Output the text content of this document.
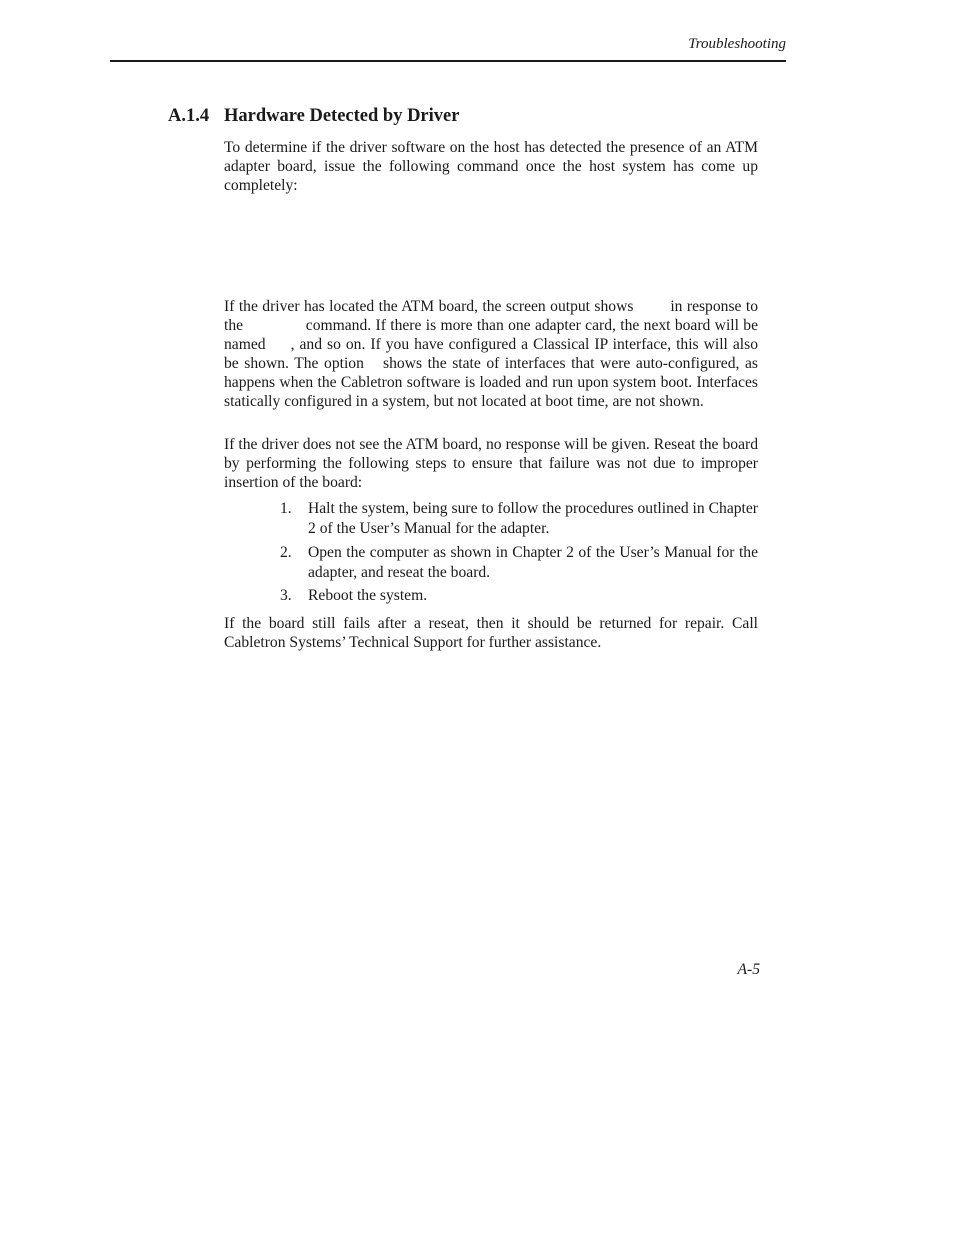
Troubleshooting
A.1.4 Hardware Detected by Driver

To determine if the driver software on the host has detected the presence of an ATM adapter board, issue the following command once the host system has come up completely:

If the driver has located the ATM board, the screen output shows in response to the	command. If there is more than one adapter card, the next board will be named , and so on. If you have configured a Classical IP interface, this will also be shown. The option shows the state of interfaces that were auto-configured, as happens when the Cabletron software is loaded and run upon system boot. Interfaces statically configured in a system, but not located at boot time, are not shown.

If the driver does not see the ATM board, no response will be given. Reseat the board by performing the following steps to ensure that failure was not due to improper insertion of the board:

1.	Halt the system, being sure to follow the procedures outlined in Chapter 2 of the User’s Manual for the adapter.
2.	Open the computer as shown in Chapter 2 of the User’s Manual for the adapter, and reseat the board.
3.	Reboot the system.

If the board still fails after a reseat, then it should be returned for repair. Call Cabletron Systems’ Technical Support for further assistance.

A-5
